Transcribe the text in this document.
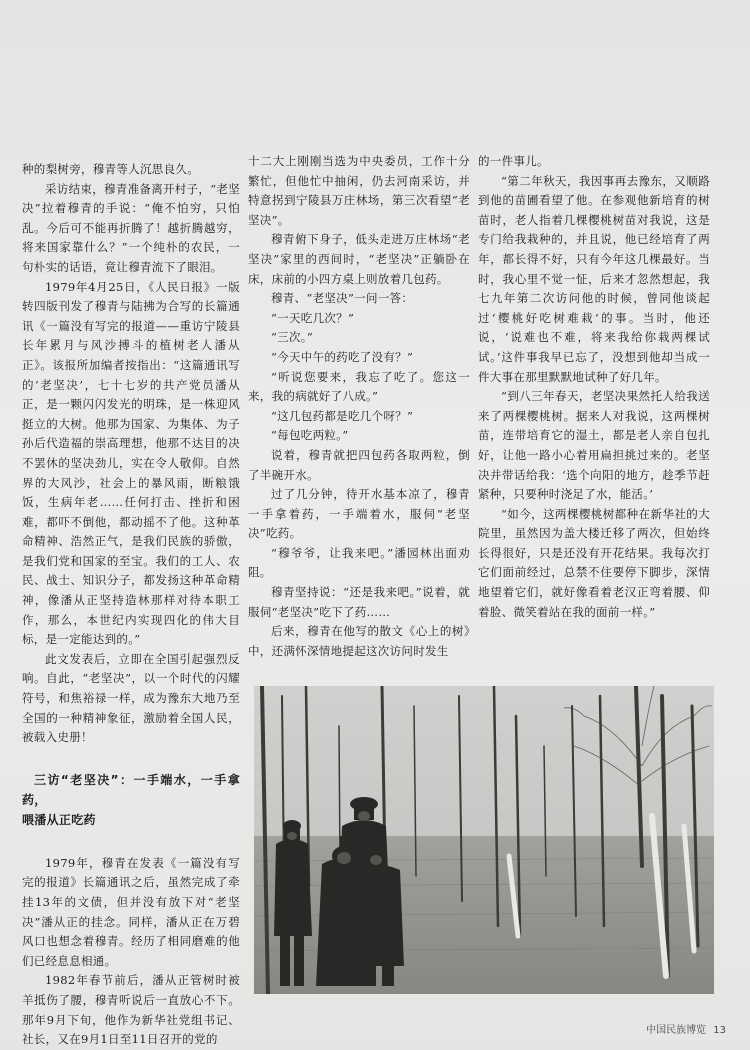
种的梨树旁，穆青等人沉思良久。

采访结束，穆青准备离开村子，“老坚决”拉着穆青的手说：“俺不怕穷，只怕乱。今后可不能再折腾了！越折腾越穷，将来国家靠什么？”一个纯朴的农民，一句朴实的话语，竟让穆青流下了眼泪。

1979年4月25日，《人民日报》一版转四版刊发了穆青与陆拂为合写的长篇通讯《一篇没有写完的报道——重访宁陵县长年累月与风沙搏斗的植树老人潘从正》。该报所加编者按指出：“这篇通讯写的‘老坚决’，七十七岁的共产党员潘从正，是一颗闪闪发光的明珠，是一株迎风挺立的大树。他那为国家、为集体、为子孙后代造福的崇高理想，他那不达目的决不罢休的坚决劲儿，实在令人敬仰。自然界的大风沙，社会上的暴风雨，断粮饿饭，生病年老……任何打击、挫折和困难，都吓不倒他，都动摇不了他。这种革命精神、浩然正气，是我们民族的骄傲，是我们党和国家的至宝。我们的工人、农民、战士、知识分子，都发扬这种革命精神，像潘从正坚持造林那样对待本职工作，那么，本世纪内实现四化的伟大目标，是一定能达到的。”

此文发表后，立即在全国引起强烈反响。自此，“老坚决”，以一个时代的闪耀符号，和焦裕禄一样，成为豫东大地乃至全国的一种精神象征，激励着全国人民，被载入史册！

三访“老坚决”：一手端水，一手拿药，
喂潘从正吃药

1979年，穆青在发表《一篇没有写完的报道》长篇通讯之后，虽然完成了牵挂13年的文债，但并没有放下对“老坚决”潘从正的挂念。同样，潘从正在万碧风口也想念着穆青。经历了相同磨难的他们已经息息相通。

1982年春节前后，潘从正管树时被羊抵伤了腰，穆青听说后一直放心不下。那年9月下旬，他作为新华社党组书记、社长，又在9月1日至11日召开的党的

十二大上刚刚当选为中央委员，工作十分繁忙，但他忙中抽闲，仍去河南采访，并特意拐到宁陵县万庄林场，第三次看望“老坚决”。

穆青俯下身子，低头走进万庄林场“老坚决”家里的西间时，“老坚决”正躺卧在床，床前的小四方桌上则放着几包药。

穆青、“老坚决”一问一答：

“一天吃几次？”

“三次。”

“今天中午的药吃了没有？”

“听说您要来，我忘了吃了。您这一来，我的病就好了八成。”

“这几包药都是吃几个呀？”

“每包吃两粒。”

说着，穆青就把四包药各取两粒，倒了半碗开水。

过了几分钟，待开水基本凉了，穆青一手拿着药，一手端着水，服伺“老坚决”吃药。

“穆爷爷，让我来吧。”潘园林出面劝阻。

穆青坚持说：“还是我来吧。”说着，就服伺“老坚决”吃下了药……

后来，穆青在他写的散文《心上的树》中，还满怀深情地提起这次访问时发生

的一件事儿。

“第二年秋天，我因事再去豫东，又顺路到他的苗圃看望了他。在参观他新培育的树苗时，老人指着几棵樱桃树苗对我说，这是专门给我栽种的，并且说，他已经培育了两年，都长得不好，只有今年这几棵最好。当时，我心里不觉一怔，后来才忽然想起，我七九年第二次访问他的时候，曾同他谈起过‘樱桃好吃树难栽’的事。当时，他还说，‘说难也不难，将来我给你栽两棵试试。’这件事我早已忘了，没想到他却当成一件大事在那里默默地试种了好几年。

“到八三年春天，老坚决果然托人给我送来了两棵樱桃树。据来人对我说，这两棵树苗，连带培育它的湿土，都是老人亲自包扎好，让他一路小心着用扁担挑过来的。老坚决并带话给我：‘选个向阳的地方，趁季节赶紧种，只要种时浇足了水，能活。’

“如今，这两棵樱桃树都种在新华社的大院里，虽然因为盖大楼迁移了两次，但始终长得很好，只是还没有开花结果。我每次打它们面前经过，总禁不住要停下脚步，深情地望着它们，就好像看着老汉正弯着腰、仰着脸、微笑着站在我的面前一样。”

中国民族博览 13
